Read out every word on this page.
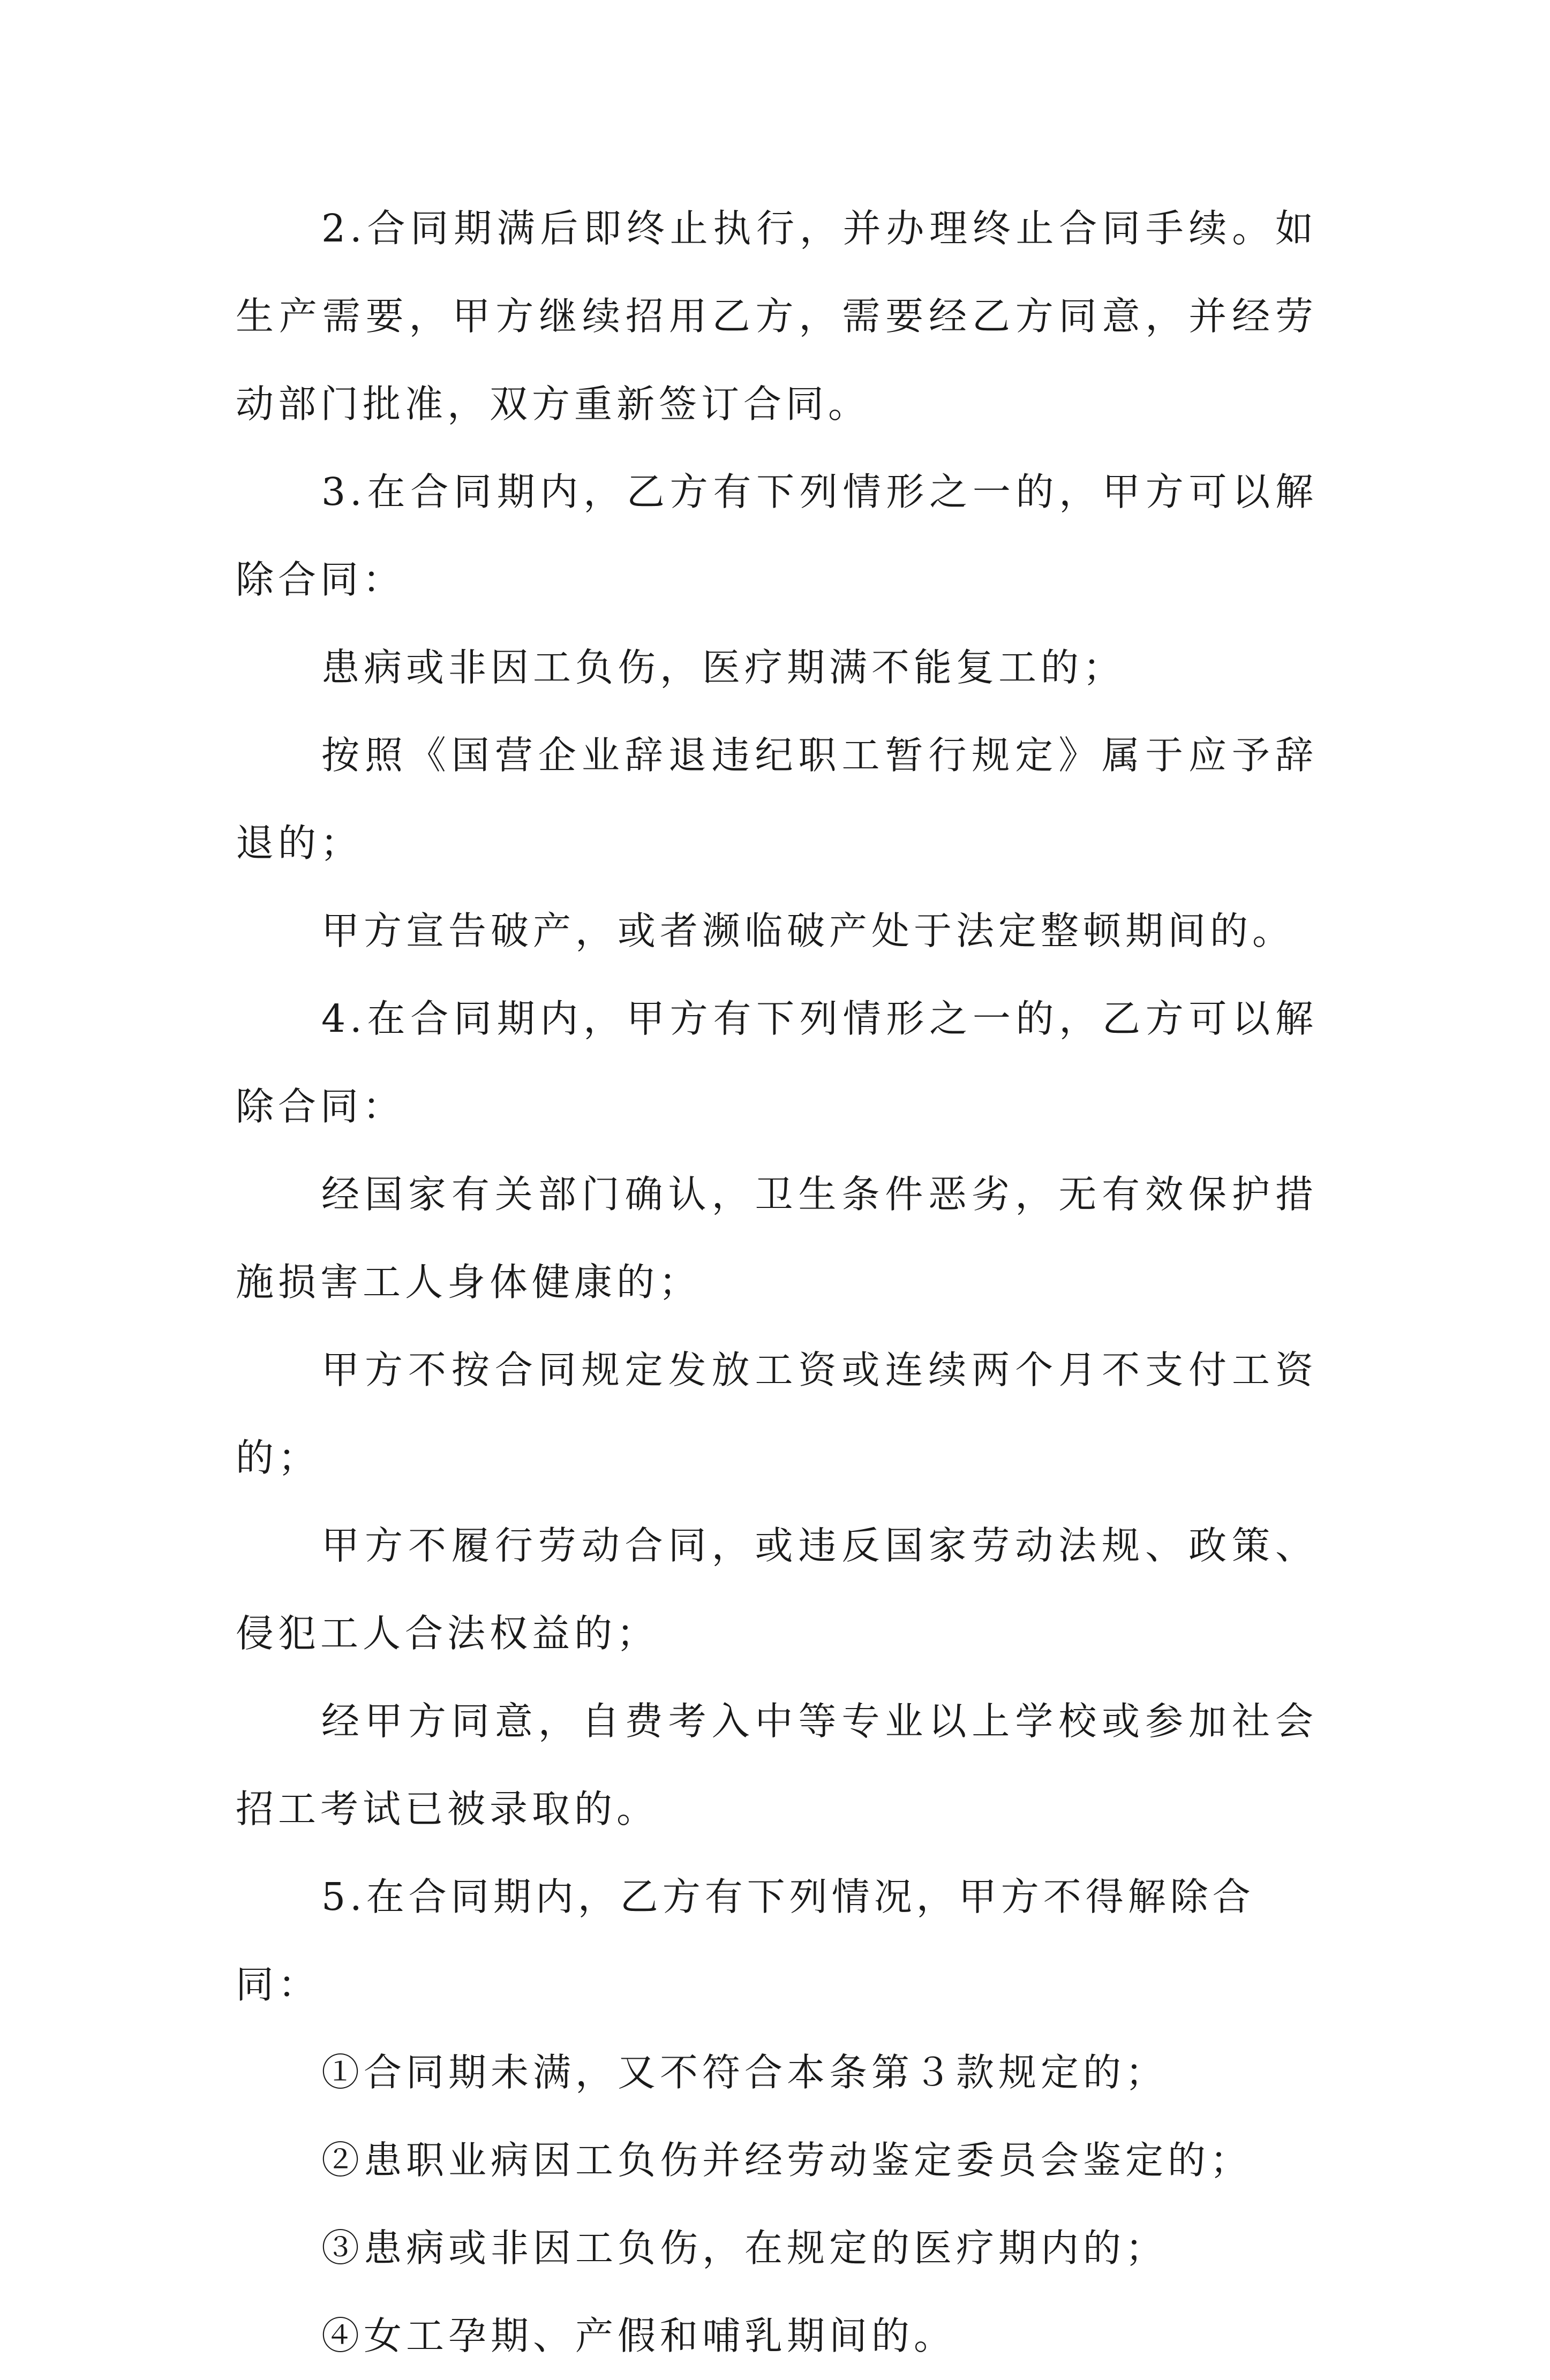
2.合同期满后即终止执行，并办理终止合同手续。如生产需要，甲方继续招用乙方，需要经乙方同意，并经劳动部门批准，双方重新签订合同。

3.在合同期内，乙方有下列情形之一的，甲方可以解除合同：

患病或非因工负伤，医疗期满不能复工的；

按照《国营企业辞退违纪职工暂行规定》属于应予辞退的；

甲方宣告破产，或者濒临破产处于法定整顿期间的。

4.在合同期内，甲方有下列情形之一的，乙方可以解除合同：

经国家有关部门确认，卫生条件恶劣，无有效保护措施损害工人身体健康的；

甲方不按合同规定发放工资或连续两个月不支付工资的；

甲方不履行劳动合同，或违反国家劳动法规、政策、侵犯工人合法权益的；

经甲方同意，自费考入中等专业以上学校或参加社会招工考试已被录取的。

5.在合同期内，乙方有下列情况，甲方不得解除合同：

①合同期未满，又不符合本条第３款规定的；

②患职业病因工负伤并经劳动鉴定委员会鉴定的；

③患病或非因工负伤，在规定的医疗期内的；

④女工孕期、产假和哺乳期间的。
